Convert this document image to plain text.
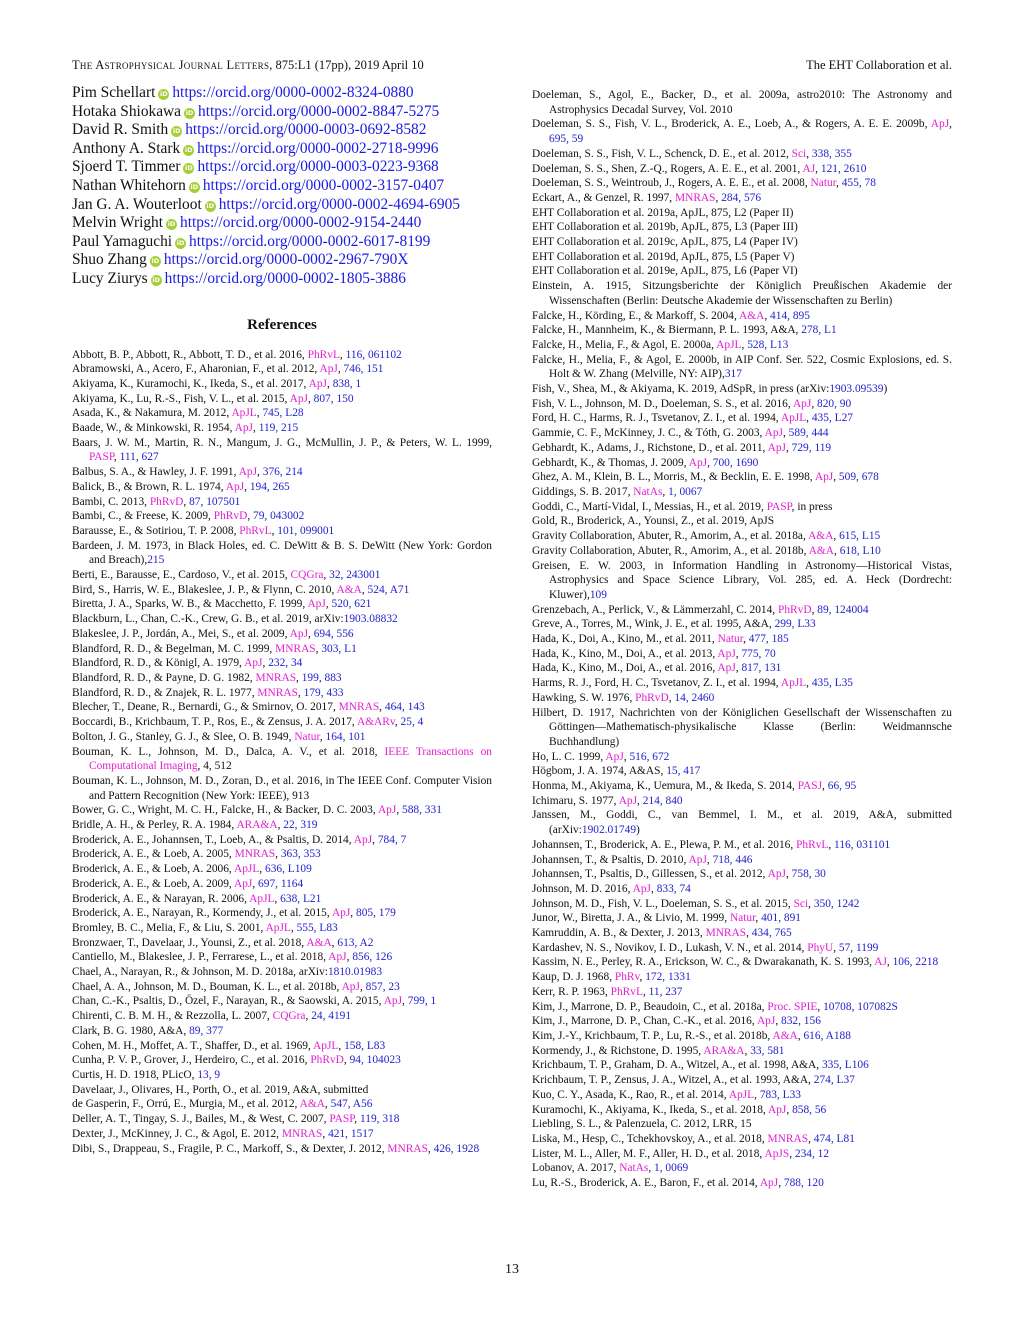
The Astrophysical Journal Letters, 875:L1 (17pp), 2019 April 10	The EHT Collaboration et al.
Pim Schellart iD https://orcid.org/0000-0002-8324-0880
Hotaka Shiokawa iD https://orcid.org/0000-0002-8847-5275
David R. Smith iD https://orcid.org/0000-0003-0692-8582
Anthony A. Stark iD https://orcid.org/0000-0002-2718-9996
Sjoerd T. Timmer iD https://orcid.org/0000-0003-0223-9368
Nathan Whitehorn iD https://orcid.org/0000-0002-3157-0407
Jan G. A. Wouterloot iD https://orcid.org/0000-0002-4694-6905
Melvin Wright iD https://orcid.org/0000-0002-9154-2440
Paul Yamaguchi iD https://orcid.org/0000-0002-6017-8199
Shuo Zhang iD https://orcid.org/0000-0002-2967-790X
Lucy Ziurys iD https://orcid.org/0000-0002-1805-3886
References
Abbott, B. P., Abbott, R., Abbott, T. D., et al. 2016, PhRvL, 116, 061102
Abramowski, A., Acero, F., Aharonian, F., et al. 2012, ApJ, 746, 151
Akiyama, K., Kuramochi, K., Ikeda, S., et al. 2017, ApJ, 838, 1
Akiyama, K., Lu, R.-S., Fish, V. L., et al. 2015, ApJ, 807, 150
Asada, K., & Nakamura, M. 2012, ApJL, 745, L28
Baade, W., & Minkowski, R. 1954, ApJ, 119, 215
Baars, J. W. M., Martin, R. N., Mangum, J. G., McMullin, J. P., & Peters, W. L. 1999, PASP, 111, 627
Balbus, S. A., & Hawley, J. F. 1991, ApJ, 376, 214
Balick, B., & Brown, R. L. 1974, ApJ, 194, 265
Bambi, C. 2013, PhRvD, 87, 107501
Bambi, C., & Freese, K. 2009, PhRvD, 79, 043002
Barausse, E., & Sotiriou, T. P. 2008, PhRvL, 101, 099001
Bardeen, J. M. 1973, in Black Holes, ed. C. DeWitt & B. S. DeWitt (New York: Gordon and Breach),215
Berti, E., Barausse, E., Cardoso, V., et al. 2015, CQGra, 32, 243001
Bird, S., Harris, W. E., Blakeslee, J. P., & Flynn, C. 2010, A&A, 524, A71
Biretta, J. A., Sparks, W. B., & Macchetto, F. 1999, ApJ, 520, 621
Blackburn, L., Chan, C.-K., Crew, G. B., et al. 2019, arXiv:1903.08832
Blakeslee, J. P., Jordán, A., Mei, S., et al. 2009, ApJ, 694, 556
Blandford, R. D., & Begelman, M. C. 1999, MNRAS, 303, L1
Blandford, R. D., & Königl, A. 1979, ApJ, 232, 34
Blandford, R. D., & Payne, D. G. 1982, MNRAS, 199, 883
Blandford, R. D., & Znajek, R. L. 1977, MNRAS, 179, 433
Blecher, T., Deane, R., Bernardi, G., & Smirnov, O. 2017, MNRAS, 464, 143
Boccardi, B., Krichbaum, T. P., Ros, E., & Zensus, J. A. 2017, A&ARv, 25, 4
Bolton, J. G., Stanley, G. J., & Slee, O. B. 1949, Natur, 164, 101
Bouman, K. L., Johnson, M. D., Dalca, A. V., et al. 2018, IEEE Transactions on Computational Imaging, 4, 512
Bouman, K. L., Johnson, M. D., Zoran, D., et al. 2016, in The IEEE Conf. Computer Vision and Pattern Recognition (New York: IEEE), 913
Bower, G. C., Wright, M. C. H., Falcke, H., & Backer, D. C. 2003, ApJ, 588, 331
Bridle, A. H., & Perley, R. A. 1984, ARA&A, 22, 319
Broderick, A. E., Johannsen, T., Loeb, A., & Psaltis, D. 2014, ApJ, 784, 7
Broderick, A. E., & Loeb, A. 2005, MNRAS, 363, 353
Broderick, A. E., & Loeb, A. 2006, ApJL, 636, L109
Broderick, A. E., & Loeb, A. 2009, ApJ, 697, 1164
Broderick, A. E., & Narayan, R. 2006, ApJL, 638, L21
Broderick, A. E., Narayan, R., Kormendy, J., et al. 2015, ApJ, 805, 179
Bromley, B. C., Melia, F., & Liu, S. 2001, ApJL, 555, L83
Bronzwaer, T., Davelaar, J., Younsi, Z., et al. 2018, A&A, 613, A2
Cantiello, M., Blakeslee, J. P., Ferrarese, L., et al. 2018, ApJ, 856, 126
Chael, A., Narayan, R., & Johnson, M. D. 2018a, arXiv:1810.01983
Chael, A. A., Johnson, M. D., Bouman, K. L., et al. 2018b, ApJ, 857, 23
Chan, C.-K., Psaltis, D., Özel, F., Narayan, R., & Saowski, A. 2015, ApJ, 799, 1
Chirenti, C. B. M. H., & Rezzolla, L. 2007, CQGra, 24, 4191
Clark, B. G. 1980, A&A, 89, 377
Cohen, M. H., Moffet, A. T., Shaffer, D., et al. 1969, ApJL, 158, L83
Cunha, P. V. P., Grover, J., Herdeiro, C., et al. 2016, PhRvD, 94, 104023
Curtis, H. D. 1918, PLicO, 13, 9
Davelaar, J., Olivares, H., Porth, O., et al. 2019, A&A, submitted
de Gasperin, F., Orrú, E., Murgia, M., et al. 2012, A&A, 547, A56
Deller, A. T., Tingay, S. J., Bailes, M., & West, C. 2007, PASP, 119, 318
Dexter, J., McKinney, J. C., & Agol, E. 2012, MNRAS, 421, 1517
Dibi, S., Drappeau, S., Fragile, P. C., Markoff, S., & Dexter, J. 2012, MNRAS, 426, 1928
Doeleman, S., Agol, E., Backer, D., et al. 2009a, astro2010: The Astronomy and Astrophysics Decadal Survey, Vol. 2010
Doeleman, S. S., Fish, V. L., Broderick, A. E., Loeb, A., & Rogers, A. E. E. 2009b, ApJ, 695, 59
Doeleman, S. S., Fish, V. L., Schenck, D. E., et al. 2012, Sci, 338, 355
Doeleman, S. S., Shen, Z.-Q., Rogers, A. E. E., et al. 2001, AJ, 121, 2610
Doeleman, S. S., Weintroub, J., Rogers, A. E. E., et al. 2008, Natur, 455, 78
Eckart, A., & Genzel, R. 1997, MNRAS, 284, 576
EHT Collaboration et al. 2019a, ApJL, 875, L2 (Paper II)
EHT Collaboration et al. 2019b, ApJL, 875, L3 (Paper III)
EHT Collaboration et al. 2019c, ApJL, 875, L4 (Paper IV)
EHT Collaboration et al. 2019d, ApJL, 875, L5 (Paper V)
EHT Collaboration et al. 2019e, ApJL, 875, L6 (Paper VI)
Einstein, A. 1915, Sitzungsberichte der Königlich Preußischen Akademie der Wissenschaften (Berlin: Deutsche Akademie der Wissenschaften zu Berlin)
Falcke, H., Körding, E., & Markoff, S. 2004, A&A, 414, 895
Falcke, H., Mannheim, K., & Biermann, P. L. 1993, A&A, 278, L1
Falcke, H., Melia, F., & Agol, E. 2000a, ApJL, 528, L13
Falcke, H., Melia, F., & Agol, E. 2000b, in AIP Conf. Ser. 522, Cosmic Explosions, ed. S. Holt & W. Zhang (Melville, NY: AIP),317
Fish, V., Shea, M., & Akiyama, K. 2019, AdSpR, in press (arXiv:1903.09539)
Fish, V. L., Johnson, M. D., Doeleman, S. S., et al. 2016, ApJ, 820, 90
Ford, H. C., Harms, R. J., Tsvetanov, Z. I., et al. 1994, ApJL, 435, L27
Gammie, C. F., McKinney, J. C., & Tóth, G. 2003, ApJ, 589, 444
Gebhardt, K., Adams, J., Richstone, D., et al. 2011, ApJ, 729, 119
Gebhardt, K., & Thomas, J. 2009, ApJ, 700, 1690
Ghez, A. M., Klein, B. L., Morris, M., & Becklin, E. E. 1998, ApJ, 509, 678
Giddings, S. B. 2017, NatAs, 1, 0067
Goddi, C., Martí-Vidal, I., Messias, H., et al. 2019, PASP, in press
Gold, R., Broderick, A., Younsi, Z., et al. 2019, ApJS
Gravity Collaboration, Abuter, R., Amorim, A., et al. 2018a, A&A, 615, L15
Gravity Collaboration, Abuter, R., Amorim, A., et al. 2018b, A&A, 618, L10
Greisen, E. W. 2003, in Information Handling in Astronomy—Historical Vistas, Astrophysics and Space Science Library, Vol. 285, ed. A. Heck (Dordrecht: Kluwer),109
Grenzebach, A., Perlick, V., & Lämmerzahl, C. 2014, PhRvD, 89, 124004
Greve, A., Torres, M., Wink, J. E., et al. 1995, A&A, 299, L33
Hada, K., Doi, A., Kino, M., et al. 2011, Natur, 477, 185
Hada, K., Kino, M., Doi, A., et al. 2013, ApJ, 775, 70
Hada, K., Kino, M., Doi, A., et al. 2016, ApJ, 817, 131
Harms, R. J., Ford, H. C., Tsvetanov, Z. I., et al. 1994, ApJL, 435, L35
Hawking, S. W. 1976, PhRvD, 14, 2460
Hilbert, D. 1917, Nachrichten von der Königlichen Gesellschaft der Wissenschaften zu Göttingen—Mathematisch-physikalische Klasse (Berlin: Weidmannsche Buchhandlung)
Ho, L. C. 1999, ApJ, 516, 672
Högbom, J. A. 1974, A&AS, 15, 417
Honma, M., Akiyama, K., Uemura, M., & Ikeda, S. 2014, PASJ, 66, 95
Ichimaru, S. 1977, ApJ, 214, 840
Janssen, M., Goddi, C., van Bemmel, I. M., et al. 2019, A&A, submitted (arXiv:1902.01749)
Johannsen, T., Broderick, A. E., Plewa, P. M., et al. 2016, PhRvL, 116, 031101
Johannsen, T., & Psaltis, D. 2010, ApJ, 718, 446
Johannsen, T., Psaltis, D., Gillessen, S., et al. 2012, ApJ, 758, 30
Johnson, M. D. 2016, ApJ, 833, 74
Johnson, M. D., Fish, V. L., Doeleman, S. S., et al. 2015, Sci, 350, 1242
Junor, W., Biretta, J. A., & Livio, M. 1999, Natur, 401, 891
Kamruddin, A. B., & Dexter, J. 2013, MNRAS, 434, 765
Kardashev, N. S., Novikov, I. D., Lukash, V. N., et al. 2014, PhyU, 57, 1199
Kassim, N. E., Perley, R. A., Erickson, W. C., & Dwarakanath, K. S. 1993, AJ, 106, 2218
Kaup, D. J. 1968, PhRv, 172, 1331
Kerr, R. P. 1963, PhRvL, 11, 237
Kim, J., Marrone, D. P., Beaudoin, C., et al. 2018a, Proc. SPIE, 10708, 107082S
Kim, J., Marrone, D. P., Chan, C.-K., et al. 2016, ApJ, 832, 156
Kim, J.-Y., Krichbaum, T. P., Lu, R.-S., et al. 2018b, A&A, 616, A188
Kormendy, J., & Richstone, D. 1995, ARA&A, 33, 581
Krichbaum, T. P., Graham, D. A., Witzel, A., et al. 1998, A&A, 335, L106
Krichbaum, T. P., Zensus, J. A., Witzel, A., et al. 1993, A&A, 274, L37
Kuo, C. Y., Asada, K., Rao, R., et al. 2014, ApJL, 783, L33
Kuramochi, K., Akiyama, K., Ikeda, S., et al. 2018, ApJ, 858, 56
Liebling, S. L., & Palenzuela, C. 2012, LRR, 15
Liska, M., Hesp, C., Tchekhovskoy, A., et al. 2018, MNRAS, 474, L81
Lister, M. L., Aller, M. F., Aller, H. D., et al. 2018, ApJS, 234, 12
Lobanov, A. 2017, NatAs, 1, 0069
Lu, R.-S., Broderick, A. E., Baron, F., et al. 2014, ApJ, 788, 120
13
